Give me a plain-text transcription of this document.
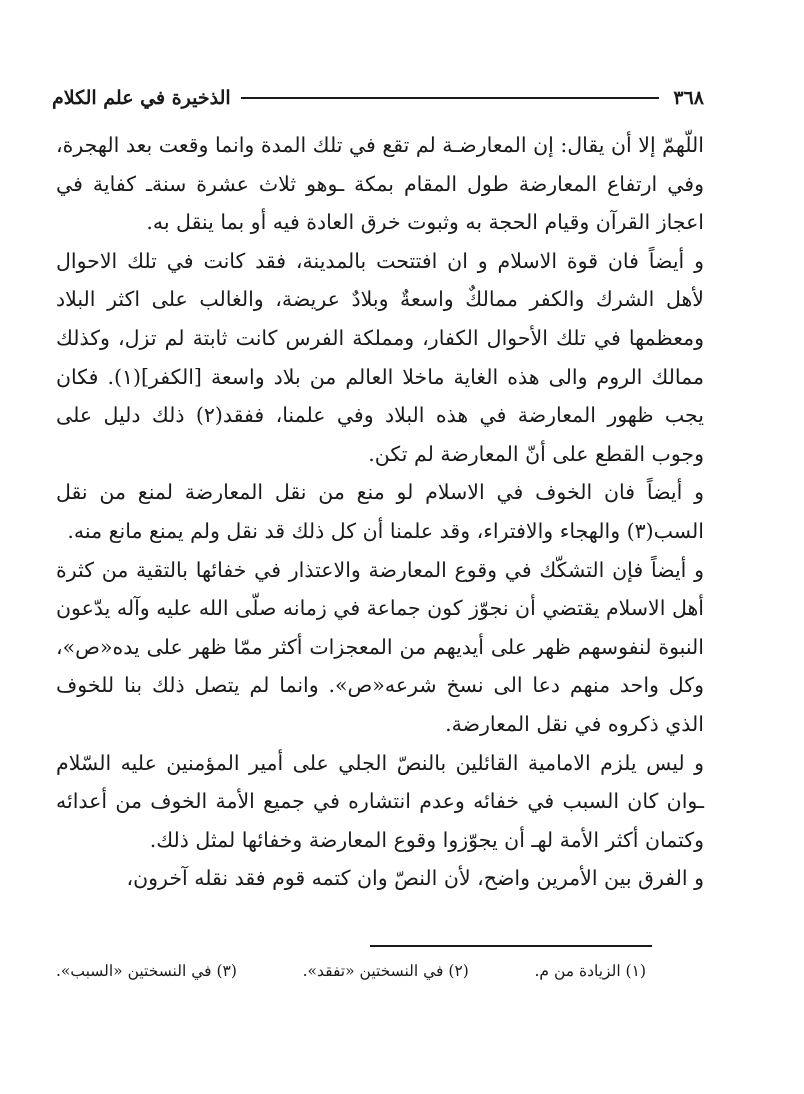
٣٦٨
الذخيرة في علم الكلام

اللّهمّ إلا أن يقال: إن المعارضـة لم تقع في تلك المدة وانما وقعت بعد الهجرة، وفي ارتفاع المعارضة طول المقام بمكة ـوهو ثلاث عشرة سنةـ كفاية في اعجاز القرآن وقيام الحجة به وثبوت خرق العادة فيه أو بما ينقل به.

و أيضاً فان قوة الاسلام و ان افتتحت بالمدينة، فقد كانت في تلك الاحوال لأهل الشرك والكفر ممالكٌ واسعةٌ وبلادٌ عريضة، والغالب على اكثر البلاد ومعظمها في تلك الأحوال الكفار، ومملكة الفرس كانت ثابتة لم تزل، وكذلك ممالك الروم والى هذه الغاية ماخلا العالم من بلاد واسعة [الكفر](١). فكان يجب ظهور المعارضة في هذه البلاد وفي علمنا، ففقد(٢) ذلك دليل على وجوب القطع على أنّ المعارضة لم تكن.

و أيضاً فان الخوف في الاسلام لو منع من نقل المعارضة لمنع من نقل السب(٣) والهجاء والافتراء، وقد علمنا أن كل ذلك قد نقل ولم يمنع مانع منه.

و أيضاً فإن التشكّك في وقوع المعارضة والاعتذار في خفائها بالتقية من كثرة أهل الاسلام يقتضي أن نجوّز كون جماعة في زمانه صلّى الله عليه وآله يدّعون النبوة لنفوسهم ظهر على أيديهم من المعجزات أكثر ممّا ظهر على يده«ص»، وكل واحد منهم دعا الى نسخ شرعه«ص». وانما لم يتصل ذلك بنا للخوف الذي ذكروه في نقل المعارضة.

و ليس يلزم الامامية القائلين بالنصّ الجلي على أمير المؤمنين عليه السّلام ـوان كان السبب في خفائه وعدم انتشاره في جميع الأمة الخوف من أعدائه وكتمان أكثر الأمة لهـ أن يجوّزوا وقوع المعارضة وخفائها لمثل ذلك.

و الفرق بين الأمرين واضح، لأن النصّ وان كتمه قوم فقد نقله آخرون،

(١) الزيادة من م.
(٢) في النسختين «تفقد».
(٣) في النسختين «السبب».
